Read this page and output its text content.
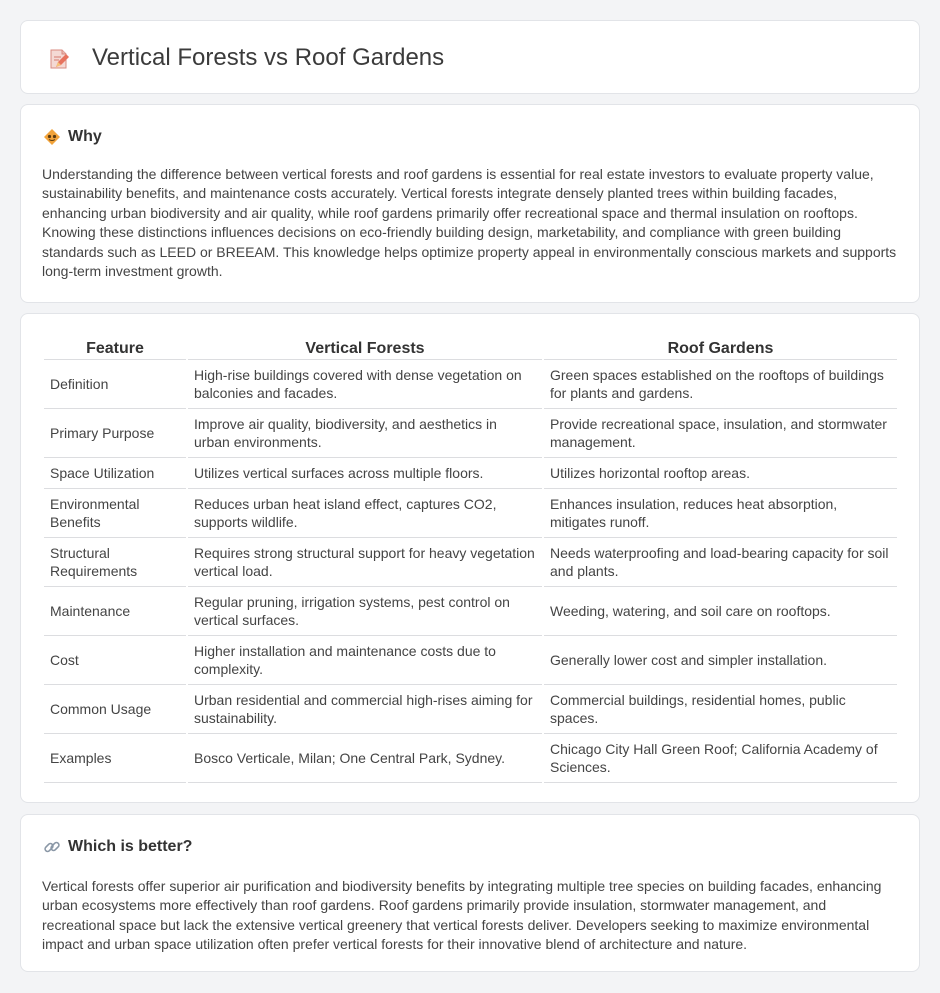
Vertical Forests vs Roof Gardens
Why

Understanding the difference between vertical forests and roof gardens is essential for real estate investors to evaluate property value, sustainability benefits, and maintenance costs accurately. Vertical forests integrate densely planted trees within building facades, enhancing urban biodiversity and air quality, while roof gardens primarily offer recreational space and thermal insulation on rooftops. Knowing these distinctions influences decisions on eco-friendly building design, marketability, and compliance with green building standards such as LEED or BREEAM. This knowledge helps optimize property appeal in environmentally conscious markets and supports long-term investment growth.

Feature	Vertical Forests	Roof Gardens
Definition	High-rise buildings covered with dense vegetation on balconies and facades.	Green spaces established on the rooftops of buildings for plants and gardens.
Primary Purpose	Improve air quality, biodiversity, and aesthetics in urban environments.	Provide recreational space, insulation, and stormwater management.
Space Utilization	Utilizes vertical surfaces across multiple floors.	Utilizes horizontal rooftop areas.
Environmental Benefits	Reduces urban heat island effect, captures CO2, supports wildlife.	Enhances insulation, reduces heat absorption, mitigates runoff.
Structural Requirements	Requires strong structural support for heavy vegetation vertical load.	Needs waterproofing and load-bearing capacity for soil and plants.
Maintenance	Regular pruning, irrigation systems, pest control on vertical surfaces.	Weeding, watering, and soil care on rooftops.
Cost	Higher installation and maintenance costs due to complexity.	Generally lower cost and simpler installation.
Common Usage	Urban residential and commercial high-rises aiming for sustainability.	Commercial buildings, residential homes, public spaces.
Examples	Bosco Verticale, Milan; One Central Park, Sydney.	Chicago City Hall Green Roof; California Academy of Sciences.
Which is better?

Vertical forests offer superior air purification and biodiversity benefits by integrating multiple tree species on building facades, enhancing urban ecosystems more effectively than roof gardens. Roof gardens primarily provide insulation, stormwater management, and recreational space but lack the extensive vertical greenery that vertical forests deliver. Developers seeking to maximize environmental impact and urban space utilization often prefer vertical forests for their innovative blend of architecture and nature.
